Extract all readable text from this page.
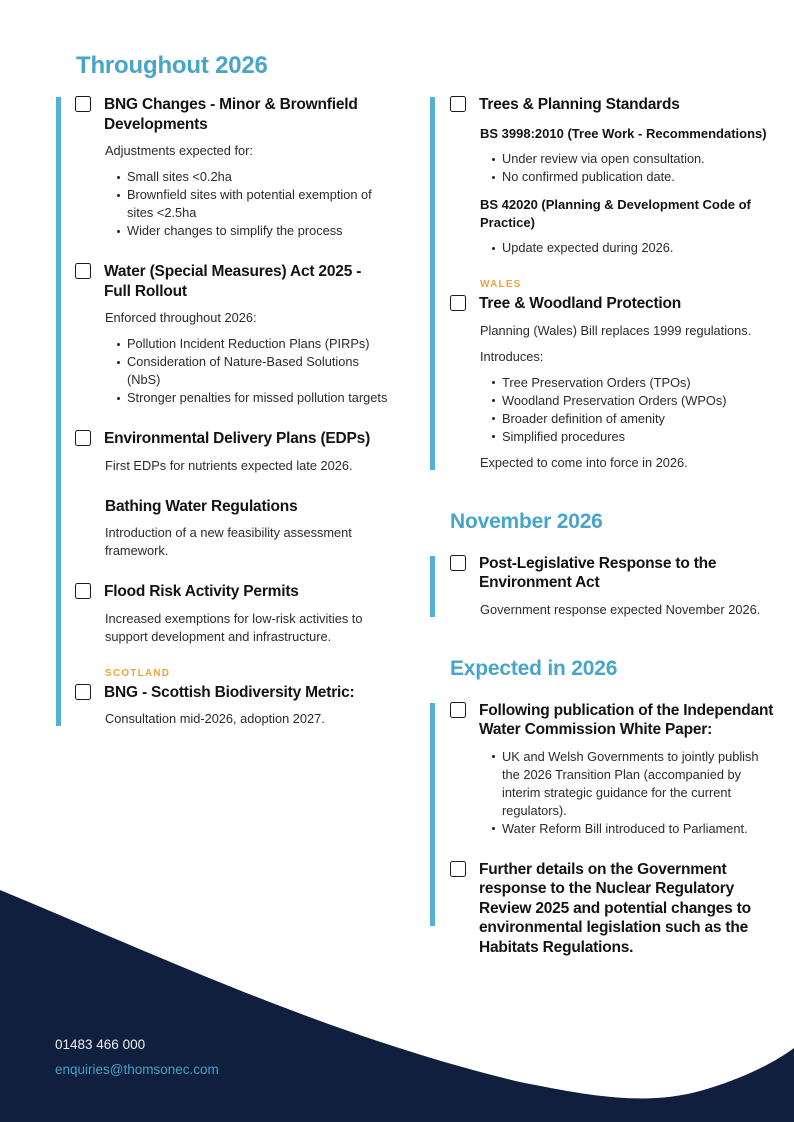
Throughout 2026
BNG Changes - Minor & Brownfield Developments
Adjustments expected for:
Small sites <0.2ha
Brownfield sites with potential exemption of sites <2.5ha
Wider changes to simplify the process
Water (Special Measures) Act 2025 - Full Rollout
Enforced throughout 2026:
Pollution Incident Reduction Plans (PIRPs)
Consideration of Nature-Based Solutions (NbS)
Stronger penalties for missed pollution targets
Environmental Delivery Plans (EDPs)
First EDPs for nutrients expected late 2026.
Bathing Water Regulations
Introduction of a new feasibility assessment framework.
Flood Risk Activity Permits
Increased exemptions for low-risk activities to support development and infrastructure.
SCOTLAND
BNG - Scottish Biodiversity Metric:
Consultation mid-2026, adoption 2027.
Trees & Planning Standards
BS 3998:2010 (Tree Work - Recommendations)
Under review via open consultation.
No confirmed publication date.
BS 42020 (Planning & Development Code of Practice)
Update expected during 2026.
WALES
Tree & Woodland Protection
Planning (Wales) Bill replaces 1999 regulations.
Introduces:
Tree Preservation Orders (TPOs)
Woodland Preservation Orders (WPOs)
Broader definition of amenity
Simplified procedures
Expected to come into force in 2026.
November 2026
Post-Legislative Response to the Environment Act
Government response expected November 2026.
Expected in 2026
Following publication of the Independant Water Commission White Paper:
UK and Welsh Governments to jointly publish the 2026 Transition Plan (accompanied by interim strategic guidance for the current regulators).
Water Reform Bill introduced to Parliament.
Further details on the Government response to the Nuclear Regulatory Review 2025 and potential changes to environmental legislation such as the Habitats Regulations.
01483 466 000
enquiries@thomsonec.com
